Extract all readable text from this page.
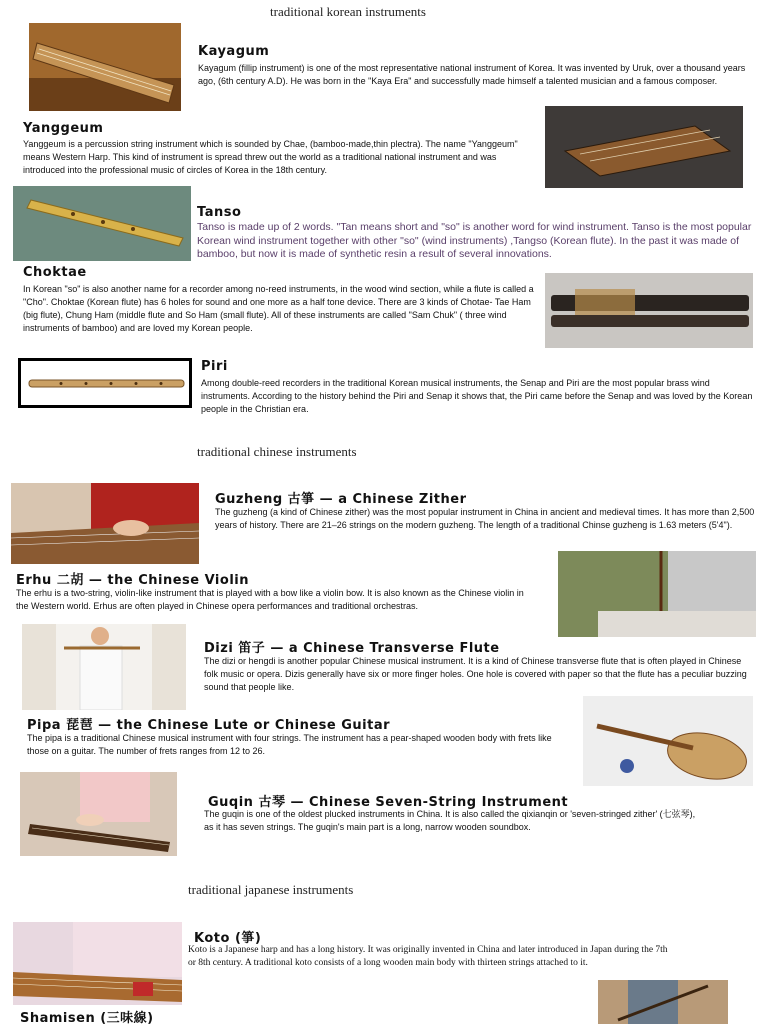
traditional korean instruments
traditional chinese instruments
traditional japanese instruments
Kayagum
Kayagum (fillip instrument) is one of the most representative national instrument of Korea. It was invented by Uruk, over a thousand years ago, (6th century A.D). He was born in the "Kaya Era" and successfully made himself a talented musician and a famous composer.
Yanggeum
Yanggeum is a percussion string instrument which is sounded by Chae, (bamboo-made,thin plectra). The name "Yanggeum" means Western Harp. This kind of instrument is spread threw out the world as a traditional national instrument and was introduced into the professional music of circles of Korea in the 18th century.
Tanso
Tanso is made up of 2 words. "Tan means short and "so" is another word for wind instrument. Tanso is the most popular Korean wind instrument together with other "so" (wind instruments) ,Tangso (Korean flute). In the past it was made of bamboo, but now it is made of synthetic resin a result of several innovations.
Choktae
In Korean "so" is also another name for a recorder among no-reed instruments, in the wood wind section, while a flute is called a "Cho". Choktae (Korean flute) has 6 holes for sound and one more as a half tone device. There are 3 kinds of Chotae- Tae Ham (big flute), Chung Ham (middle flute and So Ham (small flute). All of these instruments are called "Sam Chuk" ( three wind instruments of bamboo) and are loved my Korean people.
Piri
Among double-reed recorders in the traditional Korean musical instruments, the Senap and Piri are the most popular brass wind instruments. According to the history behind the Piri and Senap it shows that, the Piri came before the Senap and was loved by the Korean people in the Christian era.
Guzheng 古箏 — a Chinese Zither
The guzheng (a kind of Chinese zither) was the most popular instrument in China in ancient and medieval times. It has more than 2,500 years of history. There are 21–26 strings on the modern guzheng. The length of a traditional Chinse guzheng is 1.63 meters (5'4").
Erhu 二胡 — the Chinese Violin
The erhu is a two-string, violin-like instrument that is played with a bow like a violin bow. It is also known as the Chinese violin in the Western world. Erhus are often played in Chinese opera performances and traditional orchestras.
Dizi 笛子 — a Chinese Transverse Flute
The dizi or hengdi is another popular Chinese musical instrument. It is a kind of Chinese transverse flute that is often played in Chinese folk music or opera. Dizis generally have six or more finger holes. One hole is covered with paper so that the flute has a peculiar buzzing sound that people like.
Pipa 琵琶 — the Chinese Lute or Chinese Guitar
The pipa is a traditional Chinese musical instrument with four strings. The instrument has a pear-shaped wooden body with frets like those on a guitar. The number of frets ranges from 12 to 26.
Guqin 古琴 — Chinese Seven-String Instrument
The guqin is one of the oldest plucked instruments in China. It is also called the qixianqin or 'seven-stringed zither' (七弦琴), as it has seven strings. The guqin's main part is a long, narrow wooden soundbox.
Koto (箏)
Koto is a Japanese harp and has a long history. It was originally invented in China and later introduced in Japan during the 7th or 8th century. A traditional koto consists of a long wooden main body with thirteen strings attached to it.
Shamisen (三味線)
